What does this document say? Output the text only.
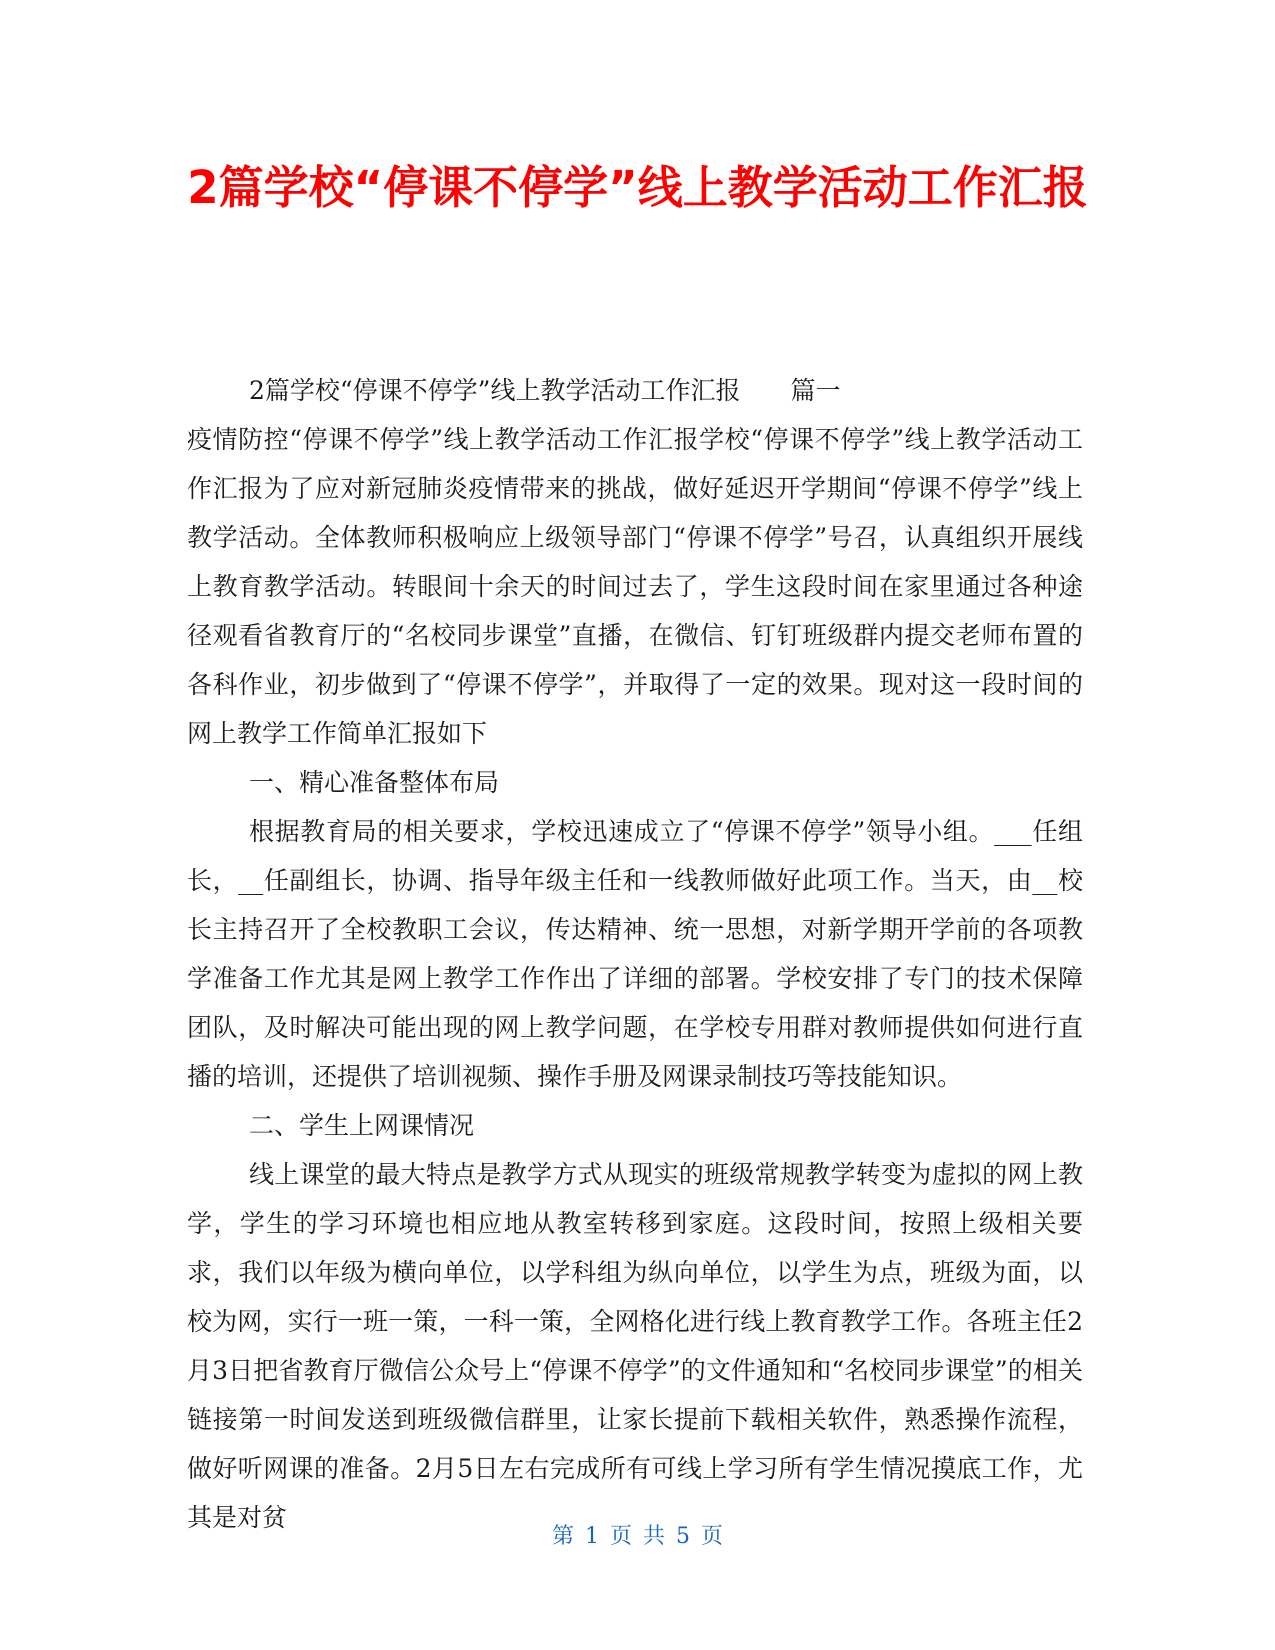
2篇学校“停课不停学”线上教学活动工作汇报
2篇学校“停课不停学”线上教学活动工作汇报 篇一

疫情防控“停课不停学”线上教学活动工作汇报学校“停课不停学”线上教学活动工作汇报为了应对新冠肺炎疫情带来的挑战，做好延迟开学期间“停课不停学”线上教学活动。全体教师积极响应上级领导部门“停课不停学”号召，认真组织开展线上教育教学活动。转眼间十余天的时间过去了，学生这段时间在家里通过各种途径观看省教育厅的“名校同步课堂”直播，在微信、钉钉班级群内提交老师布置的各科作业，初步做到了“停课不停学”，并取得了一定的效果。现对这一段时间的网上教学工作简单汇报如下

一、精心准备整体布局

根据教育局的相关要求，学校迅速成立了“停课不停学”领导小组。___任组长，__任副组长，协调、指导年级主任和一线教师做好此项工作。当天，由__校长主持召开了全校教职工会议，传达精神、统一思想，对新学期开学前的各项教学准备工作尤其是网上教学工作作出了详细的部署。学校安排了专门的技术保障团队，及时解决可能出现的网上教学问题，在学校专用群对教师提供如何进行直播的培训，还提供了培训视频、操作手册及网课录制技巧等技能知识。

二、学生上网课情况

线上课堂的最大特点是教学方式从现实的班级常规教学转变为虚拟的网上教学，学生的学习环境也相应地从教室转移到家庭。这段时间，按照上级相关要求，我们以年级为横向单位，以学科组为纵向单位，以学生为点，班级为面，以校为网，实行一班一策，一科一策，全网格化进行线上教育教学工作。各班主任2月3日把省教育厅微信公众号上“停课不停学”的文件通知和“名校同步课堂”的相关链接第一时间发送到班级微信群里，让家长提前下载相关软件，熟悉操作流程，做好听网课的准备。2月5日左右完成所有可线上学习所有学生情况摸底工作，尤其是对贫

第 1 页 共 5 页
